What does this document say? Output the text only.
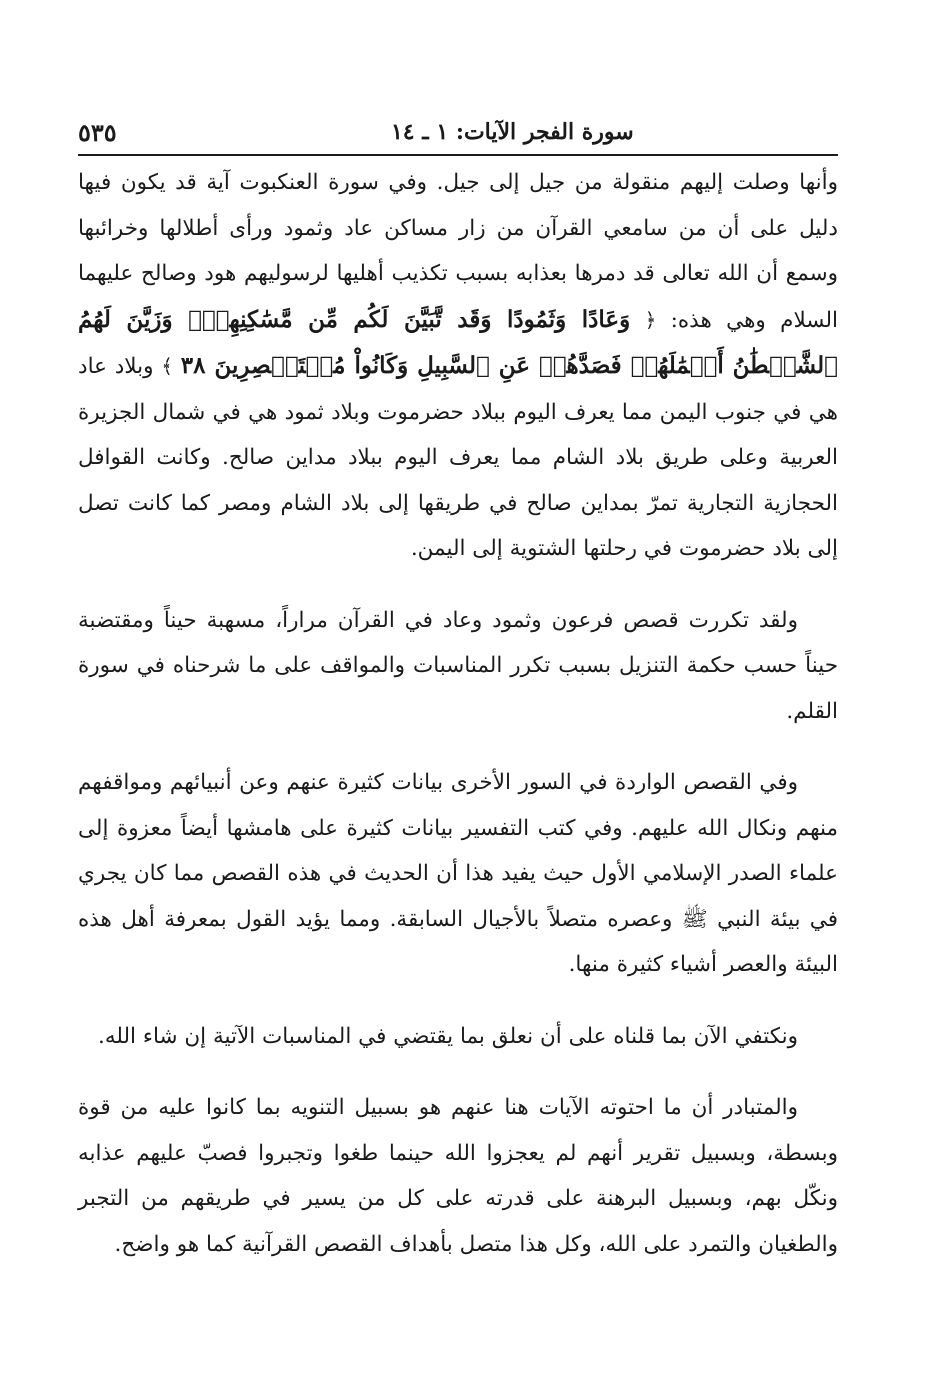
سورة الفجر الآيات: ١ ـ ١٤
٥٣٥

وأنها وصلت إليهم منقولة من جيل إلى جيل. وفي سورة العنكبوت آية قد يكون فيها دليل على أن من سامعي القرآن من زار مساكن عاد وثمود ورأى أطلالها وخرائبها وسمع أن الله تعالى قد دمرها بعذابه بسبب تكذيب أهليها لرسوليهم هود وصالح عليهما السلام وهي هذه: ﴿ وَعَادًا وَثَمُودًا وَقَد تَّبَيَّنَ لَكُم مِّن مَّسَٰكِنِهِمۡۖ وَزَيَّنَ لَهُمُ ٱلشَّيۡطَٰنُ أَعۡمَٰلَهُمۡ فَصَدَّهُمۡ عَنِ ٱلسَّبِيلِ وَكَانُواْ مُسۡتَبۡصِرِينَ ٣٨ ﴾ وبلاد عاد هي في جنوب اليمن مما يعرف اليوم ببلاد حضرموت وبلاد ثمود هي في شمال الجزيرة العربية وعلى طريق بلاد الشام مما يعرف اليوم ببلاد مداين صالح. وكانت القوافل الحجازية التجارية تمرّ بمداين صالح في طريقها إلى بلاد الشام ومصر كما كانت تصل إلى بلاد حضرموت في رحلتها الشتوية إلى اليمن.

ولقد تكررت قصص فرعون وثمود وعاد في القرآن مراراً، مسهبة حيناً ومقتضبة حيناً حسب حكمة التنزيل بسبب تكرر المناسبات والمواقف على ما شرحناه في سورة القلم.

وفي القصص الواردة في السور الأخرى بيانات كثيرة عنهم وعن أنبيائهم ومواقفهم منهم ونكال الله عليهم. وفي كتب التفسير بيانات كثيرة على هامشها أيضاً معزوة إلى علماء الصدر الإسلامي الأول حيث يفيد هذا أن الحديث في هذه القصص مما كان يجري في بيئة النبي ﷺ وعصره متصلاً بالأجيال السابقة. ومما يؤيد القول بمعرفة أهل هذه البيئة والعصر أشياء كثيرة منها.

ونكتفي الآن بما قلناه على أن نعلق بما يقتضي في المناسبات الآتية إن شاء الله.

والمتبادر أن ما احتوته الآيات هنا عنهم هو بسبيل التنويه بما كانوا عليه من قوة وبسطة، وبسبيل تقرير أنهم لم يعجزوا الله حينما طغوا وتجبروا فصبّ عليهم عذابه ونكّل بهم، وبسبيل البرهنة على قدرته على كل من يسير في طريقهم من التجبر والطغيان والتمرد على الله، وكل هذا متصل بأهداف القصص القرآنية كما هو واضح.
